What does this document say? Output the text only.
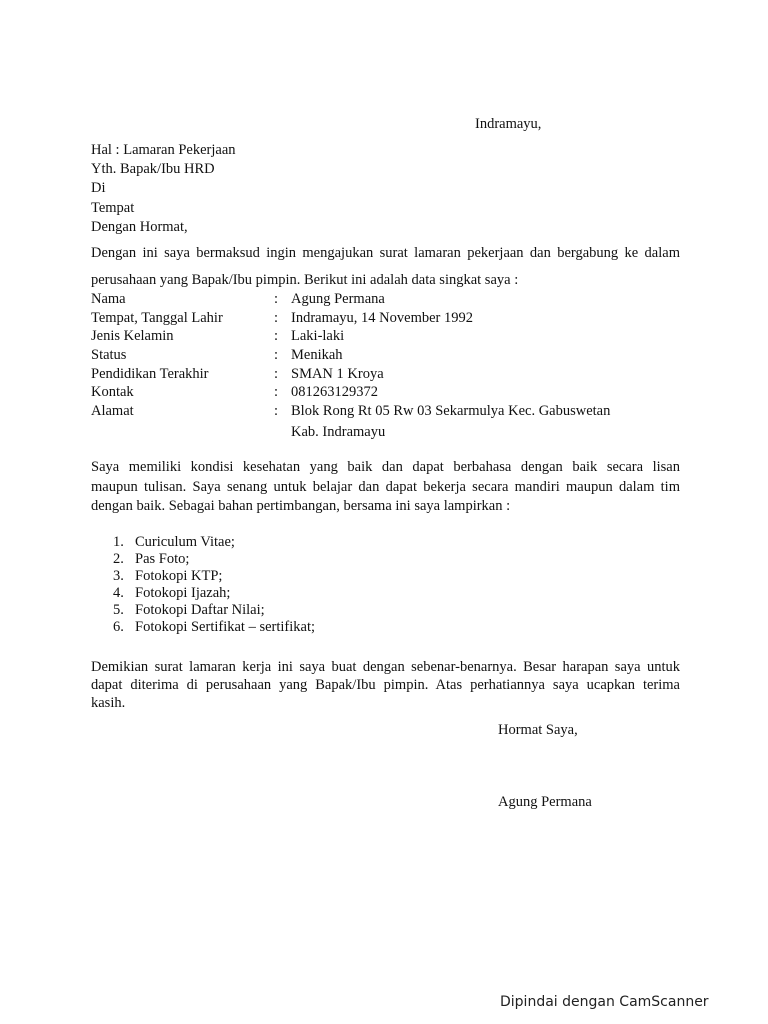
Indramayu,
Hal : Lamaran Pekerjaan
Yth. Bapak/Ibu HRD
Di
Tempat
Dengan Hormat,
Dengan ini saya bermaksud ingin mengajukan surat lamaran pekerjaan dan bergabung ke dalam
perusahaan yang Bapak/Ibu pimpin. Berikut ini adalah data singkat saya :
Nama	: Agung Permana
Tempat, Tanggal Lahir	: Indramayu, 14 November 1992
Jenis Kelamin	: Laki-laki
Status	: Menikah
Pendidikan Terakhir	: SMAN 1 Kroya
Kontak	: 081263129372
Alamat	: Blok Rong Rt 05 Rw 03 Sekarmulya Kec. Gabuswetan
Kab. Indramayu
Saya memiliki kondisi kesehatan yang baik dan dapat berbahasa dengan baik secara lisan
maupun tulisan. Saya senang untuk belajar dan dapat bekerja secara mandiri maupun dalam tim
dengan baik. Sebagai bahan pertimbangan, bersama ini saya lampirkan :
1. Curiculum Vitae;
2. Pas Foto;
3. Fotokopi KTP;
4. Fotokopi Ijazah;
5. Fotokopi Daftar Nilai;
6. Fotokopi Sertifikat – sertifikat;
Demikian surat lamaran kerja ini saya buat dengan sebenar-benarnya. Besar harapan saya untuk
dapat diterima di perusahaan yang Bapak/Ibu pimpin. Atas perhatiannya saya ucapkan terima
kasih.
Hormat Saya,
Agung Permana
Dipindai dengan CamScanner
